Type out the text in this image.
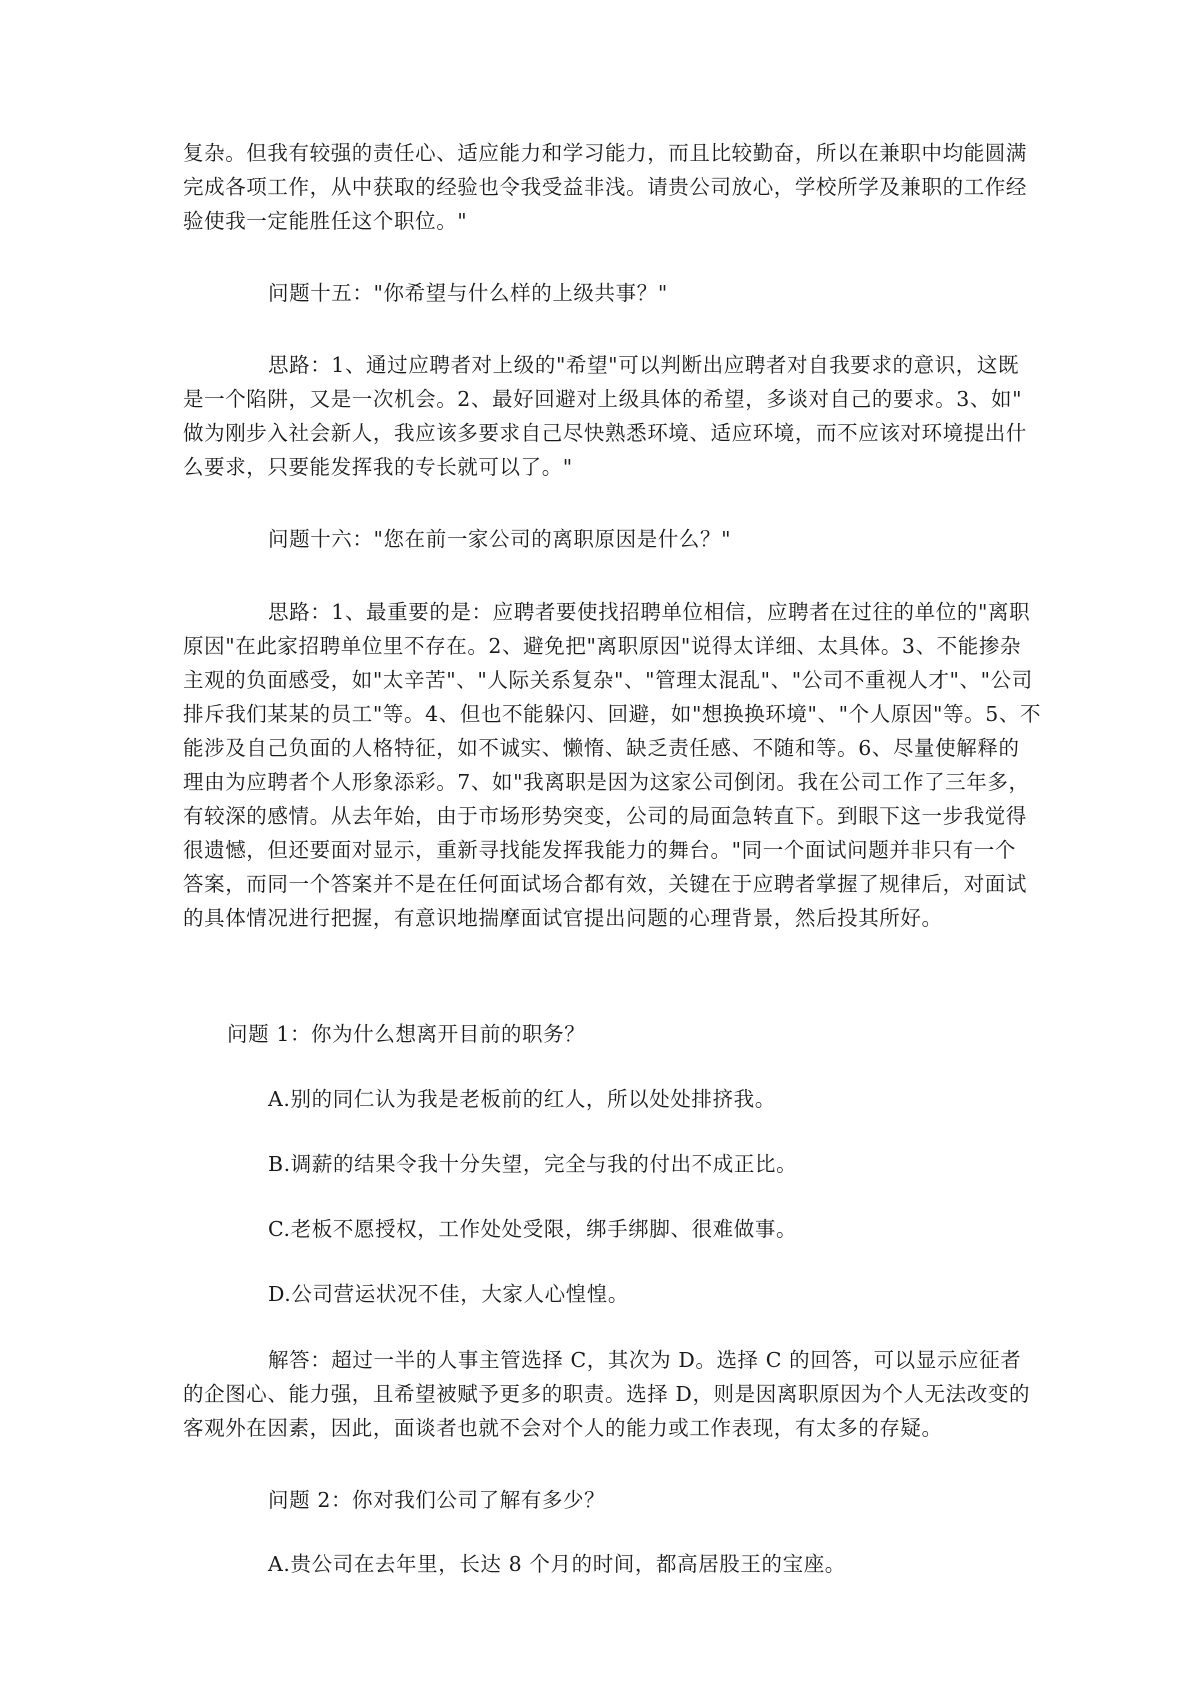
复杂。但我有较强的责任心、适应能力和学习能力，而且比较勤奋，所以在兼职中均能圆满
完成各项工作，从中获取的经验也令我受益非浅。请贵公司放心，学校所学及兼职的工作经
验使我一定能胜任这个职位。"
问题十五："你希望与什么样的上级共事？"
思路：1、通过应聘者对上级的"希望"可以判断出应聘者对自我要求的意识，这既
是一个陷阱，又是一次机会。2、最好回避对上级具体的希望，多谈对自己的要求。3、如"
做为刚步入社会新人，我应该多要求自己尽快熟悉环境、适应环境，而不应该对环境提出什
么要求，只要能发挥我的专长就可以了。"
问题十六："您在前一家公司的离职原因是什么？"
思路：1、最重要的是：应聘者要使找招聘单位相信，应聘者在过往的单位的"离职
原因"在此家招聘单位里不存在。2、避免把"离职原因"说得太详细、太具体。3、不能掺杂
主观的负面感受，如"太辛苦"、"人际关系复杂"、"管理太混乱"、"公司不重视人才"、"公司
排斥我们某某的员工"等。4、但也不能躲闪、回避，如"想换换环境"、"个人原因"等。5、不
能涉及自己负面的人格特征，如不诚实、懒惰、缺乏责任感、不随和等。6、尽量使解释的
理由为应聘者个人形象添彩。7、如"我离职是因为这家公司倒闭。我在公司工作了三年多，
有较深的感情。从去年始，由于市场形势突变，公司的局面急转直下。到眼下这一步我觉得
很遗憾，但还要面对显示，重新寻找能发挥我能力的舞台。"同一个面试问题并非只有一个
答案，而同一个答案并不是在任何面试场合都有效，关键在于应聘者掌握了规律后，对面试
的具体情况进行把握，有意识地揣摩面试官提出问题的心理背景，然后投其所好。
问题 1：你为什么想离开目前的职务？
A.别的同仁认为我是老板前的红人，所以处处排挤我。
B.调薪的结果令我十分失望，完全与我的付出不成正比。
C.老板不愿授权，工作处处受限，绑手绑脚、很难做事。
D.公司营运状况不佳，大家人心惶惶。
解答：超过一半的人事主管选择 C，其次为 D。选择 C 的回答，可以显示应征者
的企图心、能力强，且希望被赋予更多的职责。选择 D，则是因离职原因为个人无法改变的
客观外在因素，因此，面谈者也就不会对个人的能力或工作表现，有太多的存疑。
问题 2：你对我们公司了解有多少？
A.贵公司在去年里，长达 8 个月的时间，都高居股王的宝座。
